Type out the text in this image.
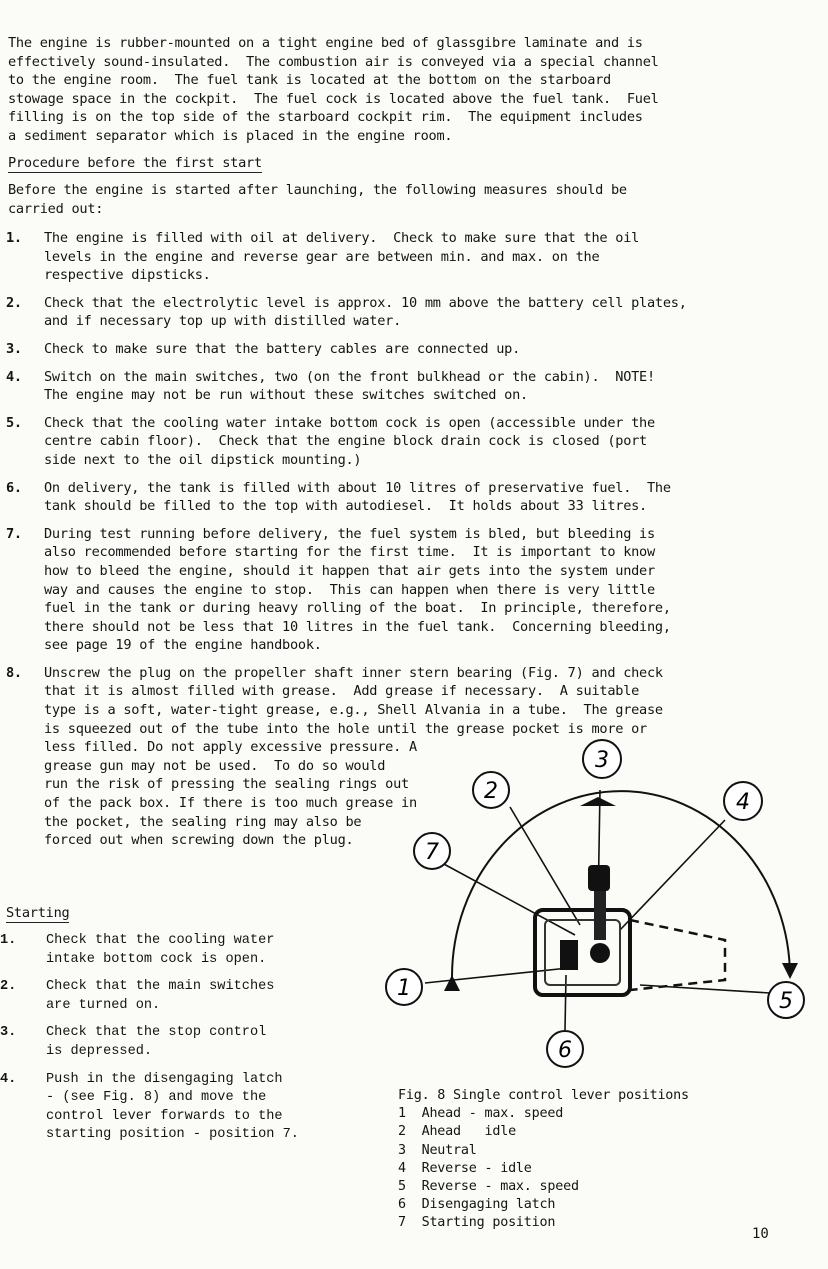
The engine is rubber-mounted on a tight engine bed of glassgibre laminate and is
effectively sound-insulated.  The combustion air is conveyed via a special channel
to the engine room.  The fuel tank is located at the bottom on the starboard
stowage space in the cockpit.  The fuel cock is located above the fuel tank.  Fuel
filling is on the top side of the starboard cockpit rim.  The equipment includes
a sediment separator which is placed in the engine room.

Procedure before the first start

Before the engine is started after launching, the following measures should be
carried out:

1. The engine is filled with oil at delivery.  Check to make sure that the oil
levels in the engine and reverse gear are between min. and max. on the
respective dipsticks.
2. Check that the electrolytic level is approx. 10 mm above the battery cell plates,
and if necessary top up with distilled water.
3. Check to make sure that the battery cables are connected up.
4. Switch on the main switches, two (on the front bulkhead or the cabin).  NOTE!
The engine may not be run without these switches switched on.
5. Check that the cooling water intake bottom cock is open (accessible under the
centre cabin floor).  Check that the engine block drain cock is closed (port
side next to the oil dipstick mounting.)
6. On delivery, the tank is filled with about 10 litres of preservative fuel.  The
tank should be filled to the top with autodiesel.  It holds about 33 litres.
7. During test running before delivery, the fuel system is bled, but bleeding is
also recommended before starting for the first time.  It is important to know
how to bleed the engine, should it happen that air gets into the system under
way and causes the engine to stop.  This can happen when there is very little
fuel in the tank or during heavy rolling of the boat.  In principle, therefore,
there should not be less that 10 litres in the fuel tank.  Concerning bleeding,
see page 19 of the engine handbook.
8. Unscrew the plug on the propeller shaft inner stern bearing (Fig. 7) and check
that it is almost filled with grease.  Add grease if necessary.  A suitable
type is a soft, water-tight grease, e.g., Shell Alvania in a tube.  The grease
is squeezed out of the tube into the hole until the grease pocket is more or
less filled. Do not apply excessive pressure. A
grease gun may not be used.  To do so would
run the risk of pressing the sealing rings out
of the pack box. If there is too much grease in
the pocket, the sealing ring may also be
forced out when screwing down the plug.
Starting
1. Check that the cooling water
intake bottom cock is open.
2. Check that the main switches
are turned on.
3. Check that the stop control
is depressed.
4. Push in the disengaging latch
- (see Fig. 8) and move the
control lever forwards to the
starting position - position 7.
1
2
3
4
5
6
7
Fig. 8 Single control lever positions
1  Ahead - max. speed
2  Ahead   idle
3  Neutral
4  Reverse - idle
5  Reverse - max. speed
6  Disengaging latch
7  Starting position
10
